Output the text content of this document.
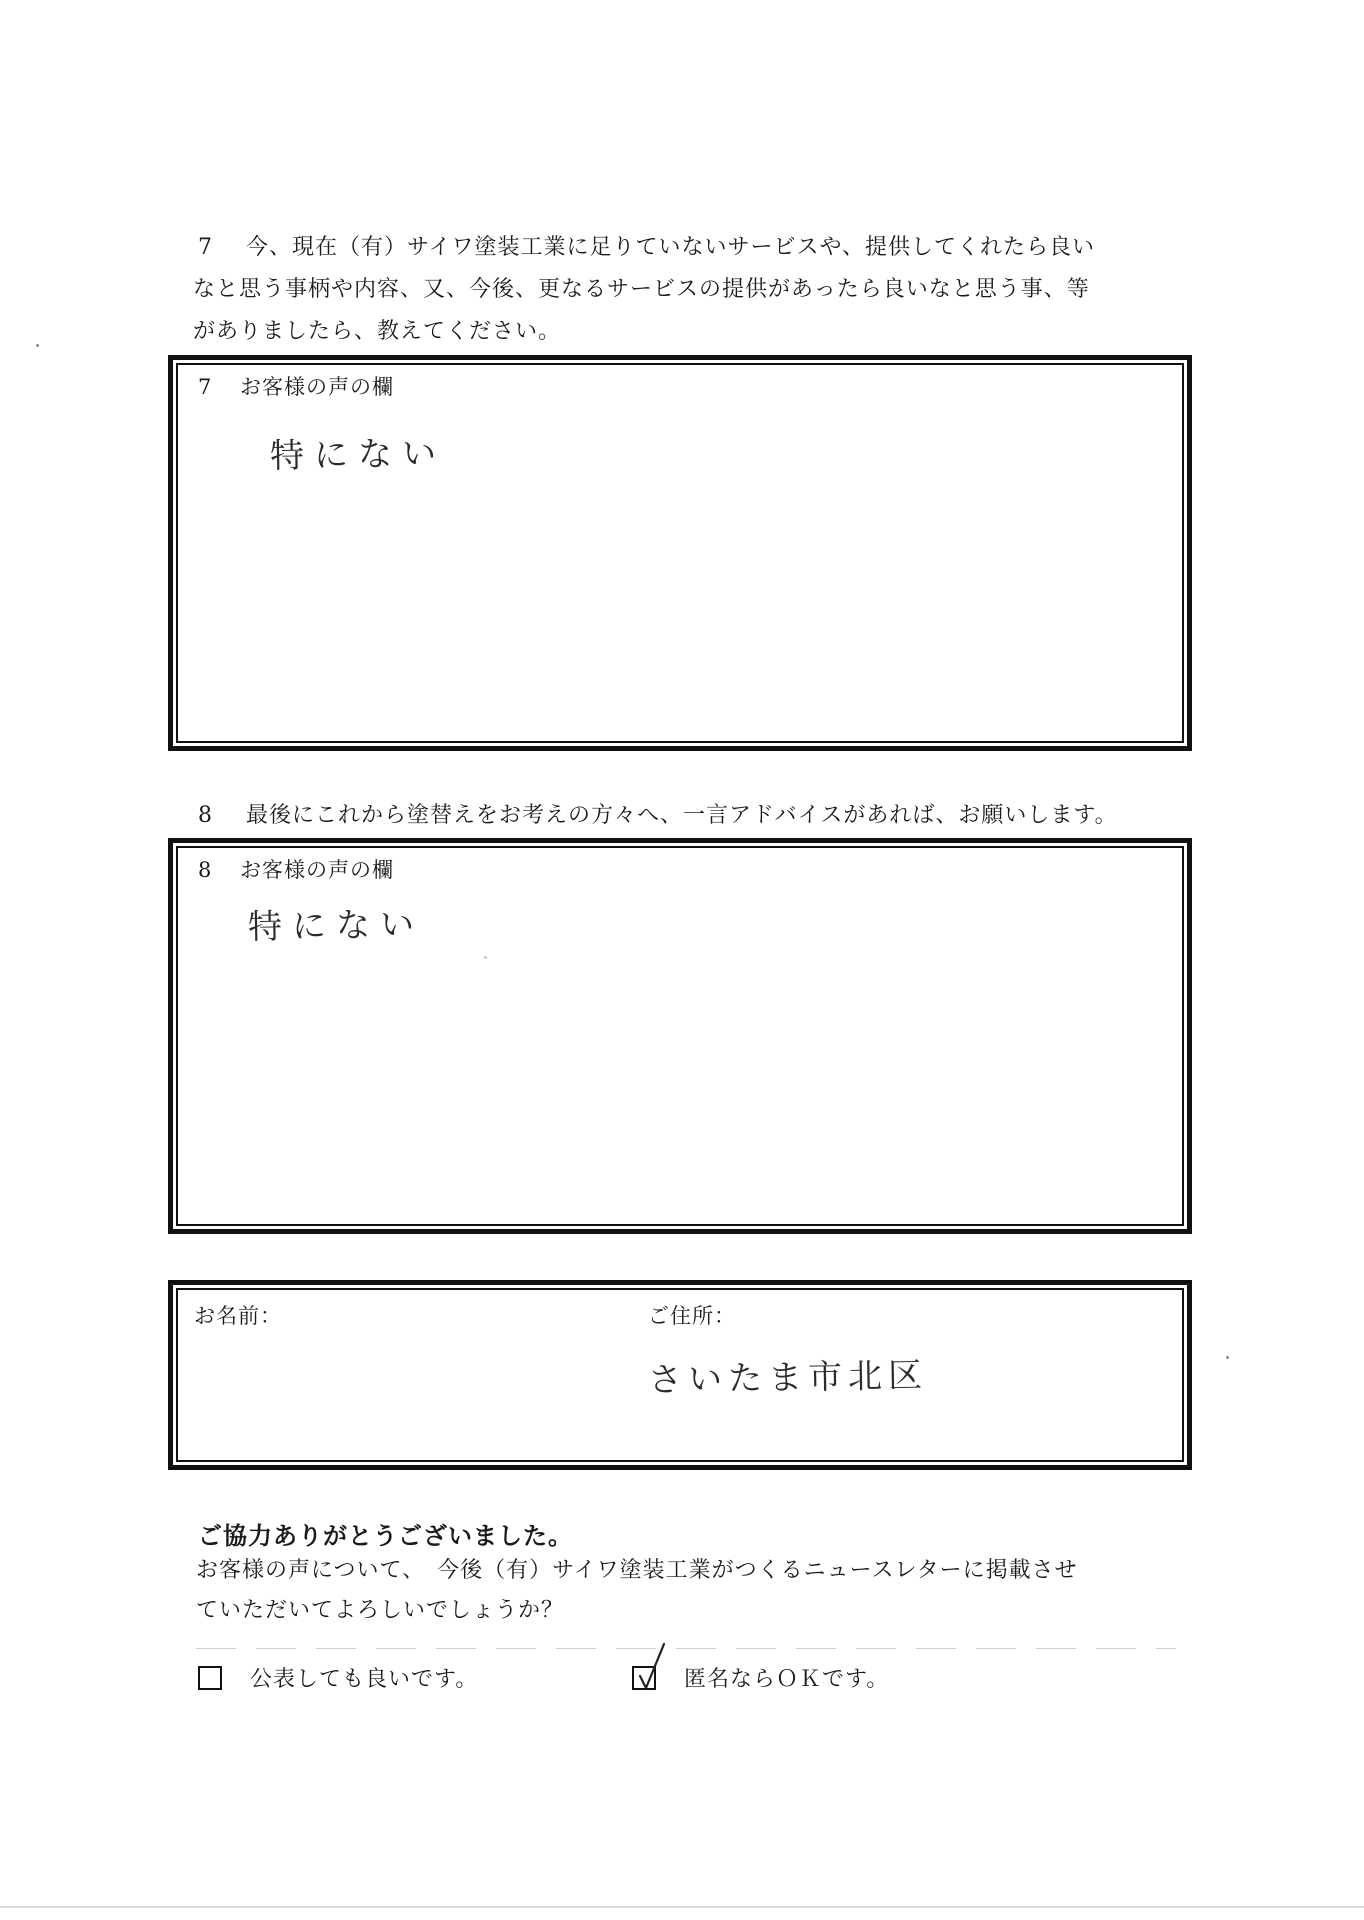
7 今、現在（有）サイワ塗装工業に足りていないサービスや、提供してくれたら良い

なと思う事柄や内容、又、今後、更なるサービスの提供があったら良いなと思う事、等

がありましたら、教えてください。

7 お客様の声の欄
特にない

8 最後にこれから塗替えをお考えの方々へ、一言アドバイスがあれば、お願いします。

8 お客様の声の欄
特にない
お名前：	ご住所：
さいたま市北区
ご協力ありがとうございました。

お客様の声について、　今後（有）サイワ塗装工業がつくるニュースレターに掲載させ

ていただいてよろしいでしょうか？

公表しても良いです。	匿名ならＯＫです。
